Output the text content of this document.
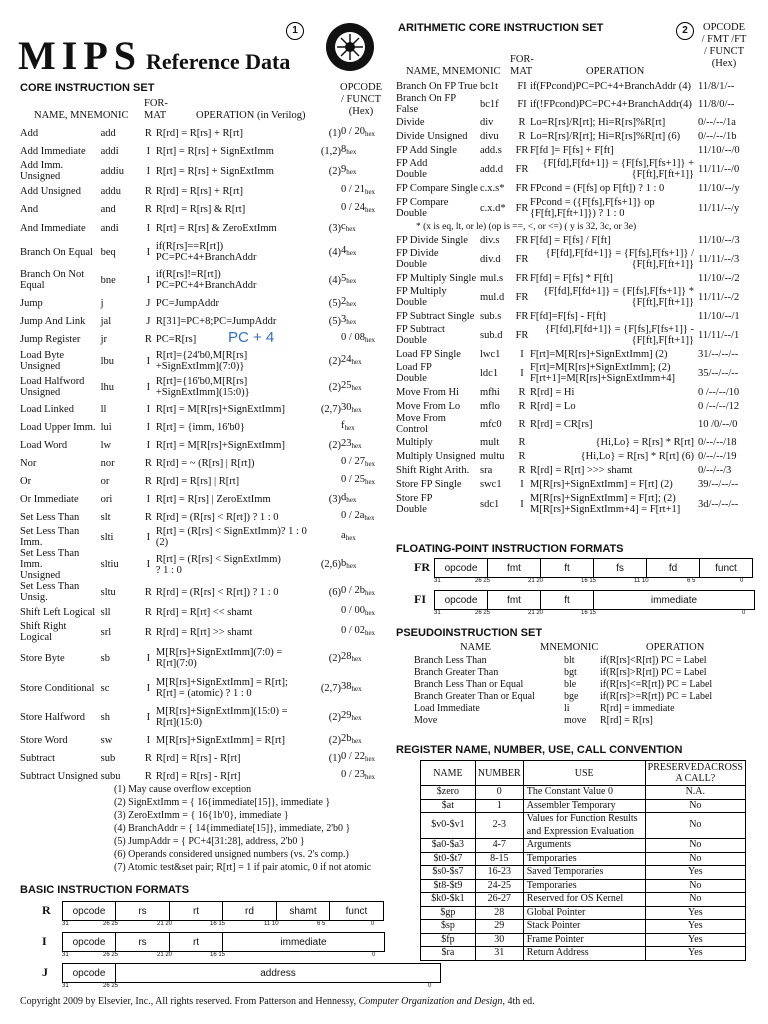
MIPS Reference Data
1
CORE INSTRUCTION SET	OPCODE
/ FUNCT
(Hex)
NAME, MNEMONIC
FOR-
MAT	OPERATION (in Verilog)
Add	add	R	R[rd] = R[rs] + R[rt]	(1)	$0 / 20_{hex}$
Add Immediate	addi	I	R[rt] = R[rs] + SignExtImm	(1,2)	$8_{hex}$
Add Imm. Unsigned	addiu	I	R[rt] = R[rs] + SignExtImm	(2)	$9_{hex}$
Add Unsigned	addu	R	R[rd] = R[rs] + R[rt]		$0 / 21_{hex}$
And	and	R	R[rd] = R[rs] & R[rt]		$0 / 24_{hex}$
And Immediate	andi	I	R[rt] = R[rs] & ZeroExtImm	(3)	$c_{hex}$
Branch On Equal	beq	I	if(R[rs]==R[rt])
PC=PC+4+BranchAddr	(4)	$4_{hex}$
Branch On Not Equal	bne	I	if(R[rs]!=R[rt])
PC=PC+4+BranchAddr	(4)	$5_{hex}$
Jump	j	J	PC=JumpAddr	(5)	$2_{hex}$
Jump And Link	jal	J	R[31]=PC+8;PC=JumpAddr	(5)	$3_{hex}$
Jump Register	jr	R	PC=R[rs]		$0 / 08_{hex}$
Load Byte Unsigned	lbu	I	R[rt]={24'b0,M[R[rs]
+SignExtImm](7:0)}	(2)	$24_{hex}$
Load Halfword
Unsigned	lhu	I	R[rt]={16'b0,M[R[rs]
+SignExtImm](15:0)}	(2)	$25_{hex}$
Load Linked	ll	I	R[rt] = M[R[rs]+SignExtImm]	(2,7)	$30_{hex}$
Load Upper Imm.	lui	I	R[rt] = {imm, 16'b0}		$f_{hex}$
Load Word	lw	I	R[rt] = M[R[rs]+SignExtImm]	(2)	$23_{hex}$
Nor	nor	R	R[rd] = ~ (R[rs] | R[rt])		$0 / 27_{hex}$
Or	or	R	R[rd] = R[rs] | R[rt]		$0 / 25_{hex}$
Or Immediate	ori	I	R[rt] = R[rs] | ZeroExtImm	(3)	$d_{hex}$
Set Less Than	slt	R	R[rd] = (R[rs] < R[rt]) ? 1 : 0		$0 / 2a_{hex}$
Set Less Than Imm.	slti	I	R[rt] = (R[rs] < SignExtImm)? 1 : 0 (2)		$a_{hex}$
Set Less Than Imm.
Unsigned	sltiu	I	R[rt] = (R[rs] < SignExtImm)
? 1 : 0	(2,6)	$b_{hex}$
Set Less Than Unsig.	sltu	R	R[rd] = (R[rs] < R[rt]) ? 1 : 0	(6)	$0 / 2b_{hex}$
Shift Left Logical	sll	R	R[rd] = R[rt] << shamt		$0 / 00_{hex}$
Shift Right Logical	srl	R	R[rd] = R[rt] >> shamt		$0 / 02_{hex}$
Store Byte	sb	I	M[R[rs]+SignExtImm](7:0) =
R[rt](7:0)	(2)	$28_{hex}$
Store Conditional	sc	I	M[R[rs]+SignExtImm] = R[rt];
R[rt] = (atomic) ? 1 : 0	(2,7)	$38_{hex}$
Store Halfword	sh	I	M[R[rs]+SignExtImm](15:0) =
R[rt](15:0)	(2)	$29_{hex}$
Store Word	sw	I	M[R[rs]+SignExtImm] = R[rt]	(2)	$2b_{hex}$
Subtract	sub	R	R[rd] = R[rs] - R[rt]	(1)	$0 / 22_{hex}$
Subtract Unsigned	subu	R	R[rd] = R[rs] - R[rt]		$0 / 23_{hex}$
PC + 4
(1) May cause overflow exception
(2) SignExtImm = { 16{immediate[15]}, immediate }
(3) ZeroExtImm = { 16{1b'0}, immediate }
(4) BranchAddr = { 14{immediate[15]}, immediate, 2'b0 }
(5) JumpAddr = { PC+4[31:28], address, 2'b0 }
(6) Operands considered unsigned numbers (vs. 2's comp.)
(7) Atomic test&set pair; R[rt] = 1 if pair atomic, 0 if not atomic
BASIC INSTRUCTION FORMATS
R	opcode	rs	rt	rd	shamt	funct
31	26 25	21 20	16 15	11 10	6 5	0
I	opcode	rs	rt	immediate
31	26 25	21 20	16 15	0
J	opcode	address
31	26 25	0
ARITHMETIC CORE INSTRUCTION SET	2	OPCODE
/ FMT /FT
/ FUNCT
(Hex)
NAME, MNEMONIC
FOR-
MAT	OPERATION
Branch On FP True	bc1t	FI	if(FPcond)PC=PC+4+BranchAddr (4)	11/8/1/--
Branch On FP False	bc1f	FI	if(!FPcond)PC=PC+4+BranchAddr(4)	11/8/0/--
Divide	div	R	Lo=R[rs]/R[rt]; Hi=R[rs]%R[rt]	0/--/--/1a
Divide Unsigned	divu	R	Lo=R[rs]/R[rt]; Hi=R[rs]%R[rt] (6)	0/--/--/1b
FP Add Single	add.s	FR	F[fd ]= F[fs] + F[ft]	11/10/--/0
FP Add
Double	add.d	FR	{F[fd],F[fd+1]} = {F[fs],F[fs+1]} +
{F[ft],F[ft+1]}	11/11/--/0
FP Compare Single	c.x.s*	FR	FPcond = (F[fs] op F[ft]) ? 1 : 0	11/10/--/y
FP Compare
Double	c.x.d*	FR	FPcond = ({F[fs],F[fs+1]} op
{F[ft],F[ft+1]}) ? 1 : 0	11/11/--/y
* (x is eq, lt, or le) (op is ==, <, or <=) ( y is 32, 3c, or 3e)				
FP Divide Single	div.s	FR	F[fd] = F[fs] / F[ft]	11/10/--/3
FP Divide
Double	div.d	FR	{F[fd],F[fd+1]} = {F[fs],F[fs+1]} /
{F[ft],F[ft+1]}	11/11/--/3
FP Multiply Single	mul.s	FR	F[fd] = F[fs] * F[ft]	11/10/--/2
FP Multiply
Double	mul.d	FR	{F[fd],F[fd+1]} = {F[fs],F[fs+1]} *
{F[ft],F[ft+1]}	11/11/--/2
FP Subtract Single	sub.s	FR	F[fd]=F[fs] - F[ft]	11/10/--/1
FP Subtract
Double	sub.d	FR	{F[fd],F[fd+1]} = {F[fs],F[fs+1]} -
{F[ft],F[ft+1]}	11/11/--/1
Load FP Single	lwc1	I	F[rt]=M[R[rs]+SignExtImm] (2)	31/--/--/--
Load FP
Double	ldc1	I	F[rt]=M[R[rs]+SignExtImm]; (2)
F[rt+1]=M[R[rs]+SignExtImm+4]	35/--/--/--
Move From Hi	mfhi	R	R[rd] = Hi	0 /--/--/10
Move From Lo	mflo	R	R[rd] = Lo	0 /--/--/12
Move From Control	mfc0	R	R[rd] = CR[rs]	10 /0/--/0
Multiply	mult	R	{Hi,Lo} = R[rs] * R[rt]	0/--/--/18
Multiply Unsigned	multu	R	{Hi,Lo} = R[rs] * R[rt] (6)	0/--/--/19
Shift Right Arith.	sra	R	R[rd] = R[rt] >>> shamt	0/--/--/3
Store FP Single	swc1	I	M[R[rs]+SignExtImm] = F[rt] (2)	39/--/--/--
Store FP
Double	sdc1	I	M[R[rs]+SignExtImm] = F[rt]; (2)
M[R[rs]+SignExtImm+4] = F[rt+1]	3d/--/--/--
FLOATING-POINT INSTRUCTION FORMATS
FR	opcode	fmt	ft	fs	fd	funct
31	26 25	21 20	16 15	11 10	6 5	0
FI	opcode	fmt	ft	immediate
31	26 25	21 20	16 15	0
PSEUDOINSTRUCTION SET
NAME	MNEMONIC	OPERATION
Branch Less Than	blt	if(R[rs]<R[rt]) PC = Label
Branch Greater Than	bgt	if(R[rs]>R[rt]) PC = Label
Branch Less Than or Equal	ble	if(R[rs]<=R[rt]) PC = Label
Branch Greater Than or Equal	bge	if(R[rs]>=R[rt]) PC = Label
Load Immediate	li	R[rd] = immediate
Move	move	R[rd] = R[rs]
REGISTER NAME, NUMBER, USE, CALL CONVENTION
NAME	NUMBER	USE	PRESERVEDACROSS
A CALL?
$zero	0	The Constant Value 0	N.A.
$at	1	Assembler Temporary	No
$v0-$v1	2-3	Values for Function Results
and Expression Evaluation	No
$a0-$a3	4-7	Arguments	No
$t0-$t7	8-15	Temporaries	No
$s0-$s7	16-23	Saved Temporaries	Yes
$t8-$t9	24-25	Temporaries	No
$k0-$k1	26-27	Reserved for OS Kernel	No
$gp	28	Global Pointer	Yes
$sp	29	Stack Pointer	Yes
$fp	30	Frame Pointer	Yes
$ra	31	Return Address	Yes
Copyright 2009 by Elsevier, Inc., All rights reserved. From Patterson and Hennessy, Computer Organization and Design, 4th ed.
